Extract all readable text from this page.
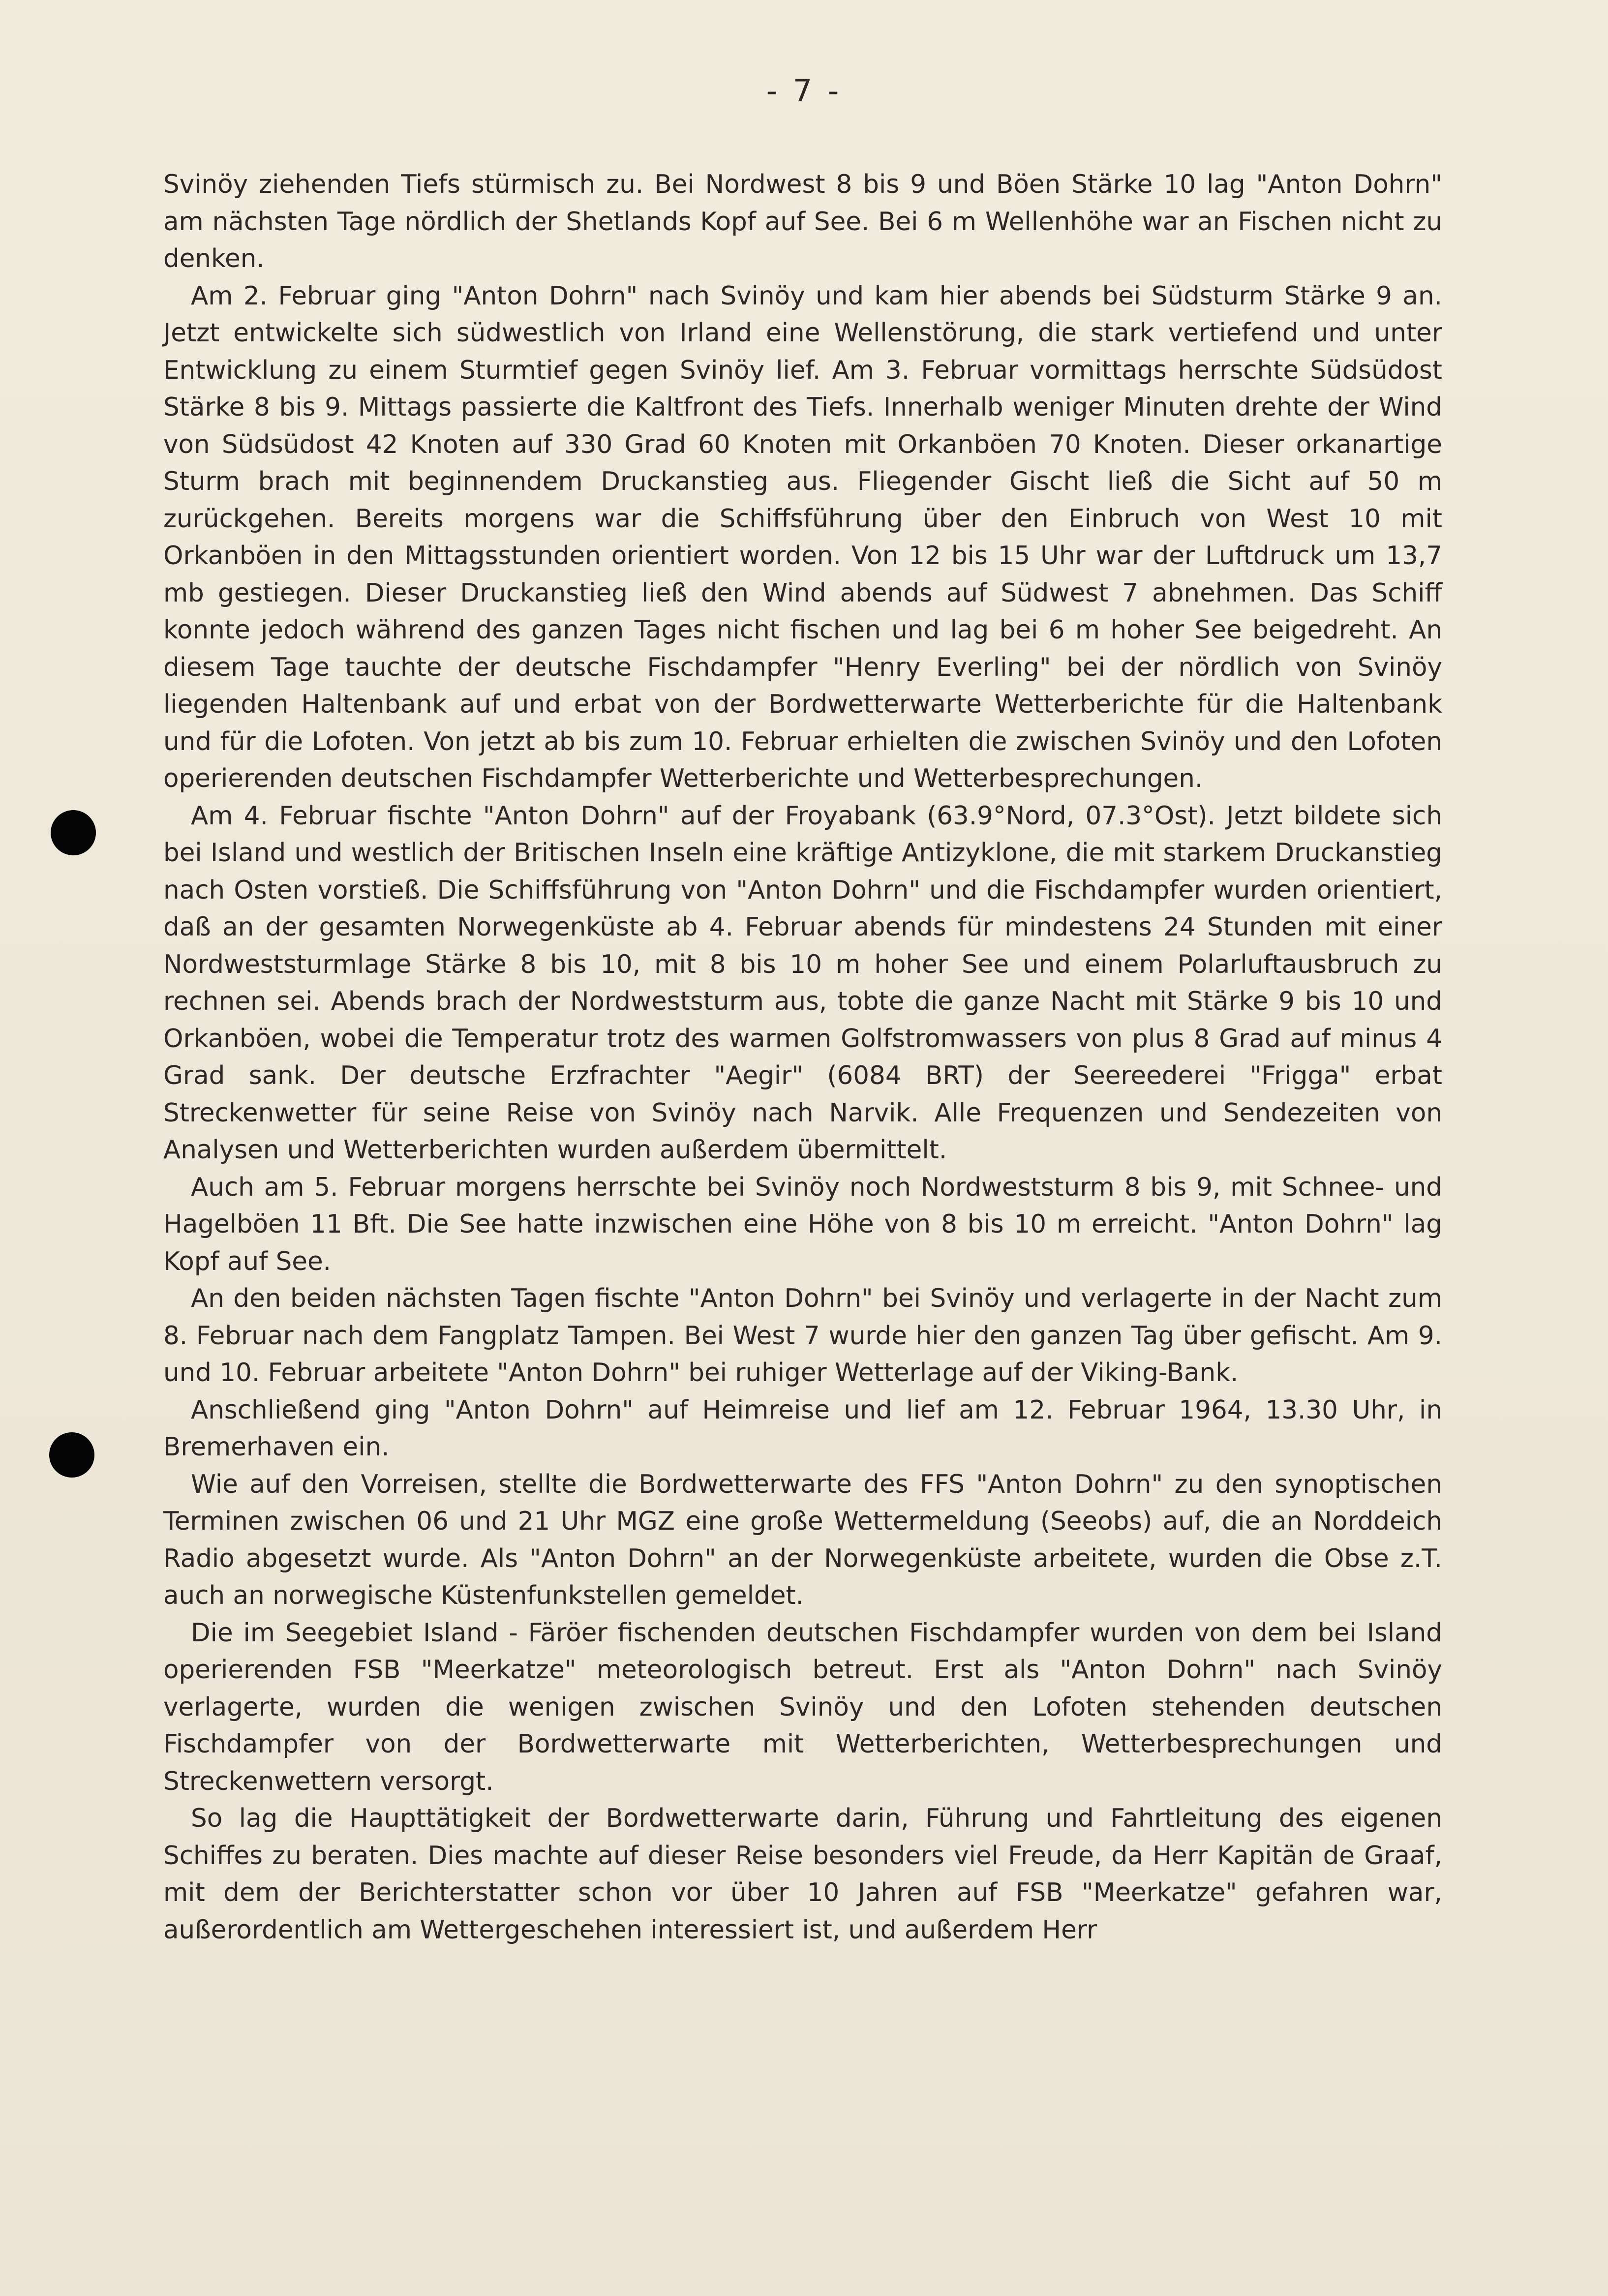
- 7 -

Svinöy ziehenden Tiefs stürmisch zu. Bei Nordwest 8 bis 9 und Böen Stärke 10 lag "Anton Dohrn" am nächsten Tage nördlich der Shetlands Kopf auf See. Bei 6 m Wellenhöhe war an Fischen nicht zu denken.

Am 2. Februar ging "Anton Dohrn" nach Svinöy und kam hier abends bei Südsturm Stärke 9 an. Jetzt entwickelte sich südwestlich von Irland eine Wellenstörung, die stark vertiefend und unter Entwicklung zu einem Sturmtief gegen Svinöy lief. Am 3. Februar vormittags herrschte Südsüdost Stärke 8 bis 9. Mittags passierte die Kaltfront des Tiefs. Innerhalb weniger Minuten drehte der Wind von Südsüdost 42 Knoten auf 330 Grad 60 Knoten mit Orkanböen 70 Knoten. Dieser orkanartige Sturm brach mit beginnendem Druckanstieg aus. Fliegender Gischt ließ die Sicht auf 50 m zurückgehen. Bereits morgens war die Schiffsführung über den Einbruch von West 10 mit Orkanböen in den Mittagsstunden orientiert worden. Von 12 bis 15 Uhr war der Luftdruck um 13,7 mb gestiegen. Dieser Druckanstieg ließ den Wind abends auf Südwest 7 abnehmen. Das Schiff konnte jedoch während des ganzen Tages nicht fischen und lag bei 6 m hoher See beigedreht. An diesem Tage tauchte der deutsche Fischdampfer "Henry Everling" bei der nördlich von Svinöy liegenden Haltenbank auf und erbat von der Bordwetterwarte Wetterberichte für die Haltenbank und für die Lofoten. Von jetzt ab bis zum 10. Februar erhielten die zwischen Svinöy und den Lofoten operierenden deutschen Fischdampfer Wetterberichte und Wetterbesprechungen.

Am 4. Februar fischte "Anton Dohrn" auf der Froyabank (63.9°Nord, 07.3°Ost). Jetzt bildete sich bei Island und westlich der Britischen Inseln eine kräftige Antizyklone, die mit starkem Druckanstieg nach Osten vorstieß. Die Schiffsführung von "Anton Dohrn" und die Fischdampfer wurden orientiert, daß an der gesamten Norwegenküste ab 4. Februar abends für mindestens 24 Stunden mit einer Nordweststurmlage Stärke 8 bis 10, mit 8 bis 10 m hoher See und einem Polarluftausbruch zu rechnen sei. Abends brach der Nordweststurm aus, tobte die ganze Nacht mit Stärke 9 bis 10 und Orkanböen, wobei die Temperatur trotz des warmen Golfstromwassers von plus 8 Grad auf minus 4 Grad sank. Der deutsche Erzfrachter "Aegir" (6084 BRT) der Seereederei "Frigga" erbat Streckenwetter für seine Reise von Svinöy nach Narvik. Alle Frequenzen und Sendezeiten von Analysen und Wetterberichten wurden außerdem übermittelt.

Auch am 5. Februar morgens herrschte bei Svinöy noch Nordweststurm 8 bis 9, mit Schnee- und Hagelböen 11 Bft. Die See hatte inzwischen eine Höhe von 8 bis 10 m erreicht. "Anton Dohrn" lag Kopf auf See.

An den beiden nächsten Tagen fischte "Anton Dohrn" bei Svinöy und verlagerte in der Nacht zum 8. Februar nach dem Fangplatz Tampen. Bei West 7 wurde hier den ganzen Tag über gefischt. Am 9. und 10. Februar arbeitete "Anton Dohrn" bei ruhiger Wetterlage auf der Viking-Bank.

Anschließend ging "Anton Dohrn" auf Heimreise und lief am 12. Februar 1964, 13.30 Uhr, in Bremerhaven ein.

Wie auf den Vorreisen, stellte die Bordwetterwarte des FFS "Anton Dohrn" zu den synoptischen Terminen zwischen 06 und 21 Uhr MGZ eine große Wettermeldung (Seeobs) auf, die an Norddeich Radio abgesetzt wurde. Als "Anton Dohrn" an der Norwegenküste arbeitete, wurden die Obse z.T. auch an norwegische Küstenfunkstellen gemeldet.

Die im Seegebiet Island - Färöer fischenden deutschen Fischdampfer wurden von dem bei Island operierenden FSB "Meerkatze" meteorologisch betreut. Erst als "Anton Dohrn" nach Svinöy verlagerte, wurden die wenigen zwischen Svinöy und den Lofoten stehenden deutschen Fischdampfer von der Bordwetterwarte mit Wetterberichten, Wetterbesprechungen und Streckenwettern versorgt.

So lag die Haupttätigkeit der Bordwetterwarte darin, Führung und Fahrtleitung des eigenen Schiffes zu beraten. Dies machte auf dieser Reise besonders viel Freude, da Herr Kapitän de Graaf, mit dem der Berichterstatter schon vor über 10 Jahren auf FSB "Meerkatze" gefahren war, außerordentlich am Wettergeschehen interessiert ist, und außerdem Herr
